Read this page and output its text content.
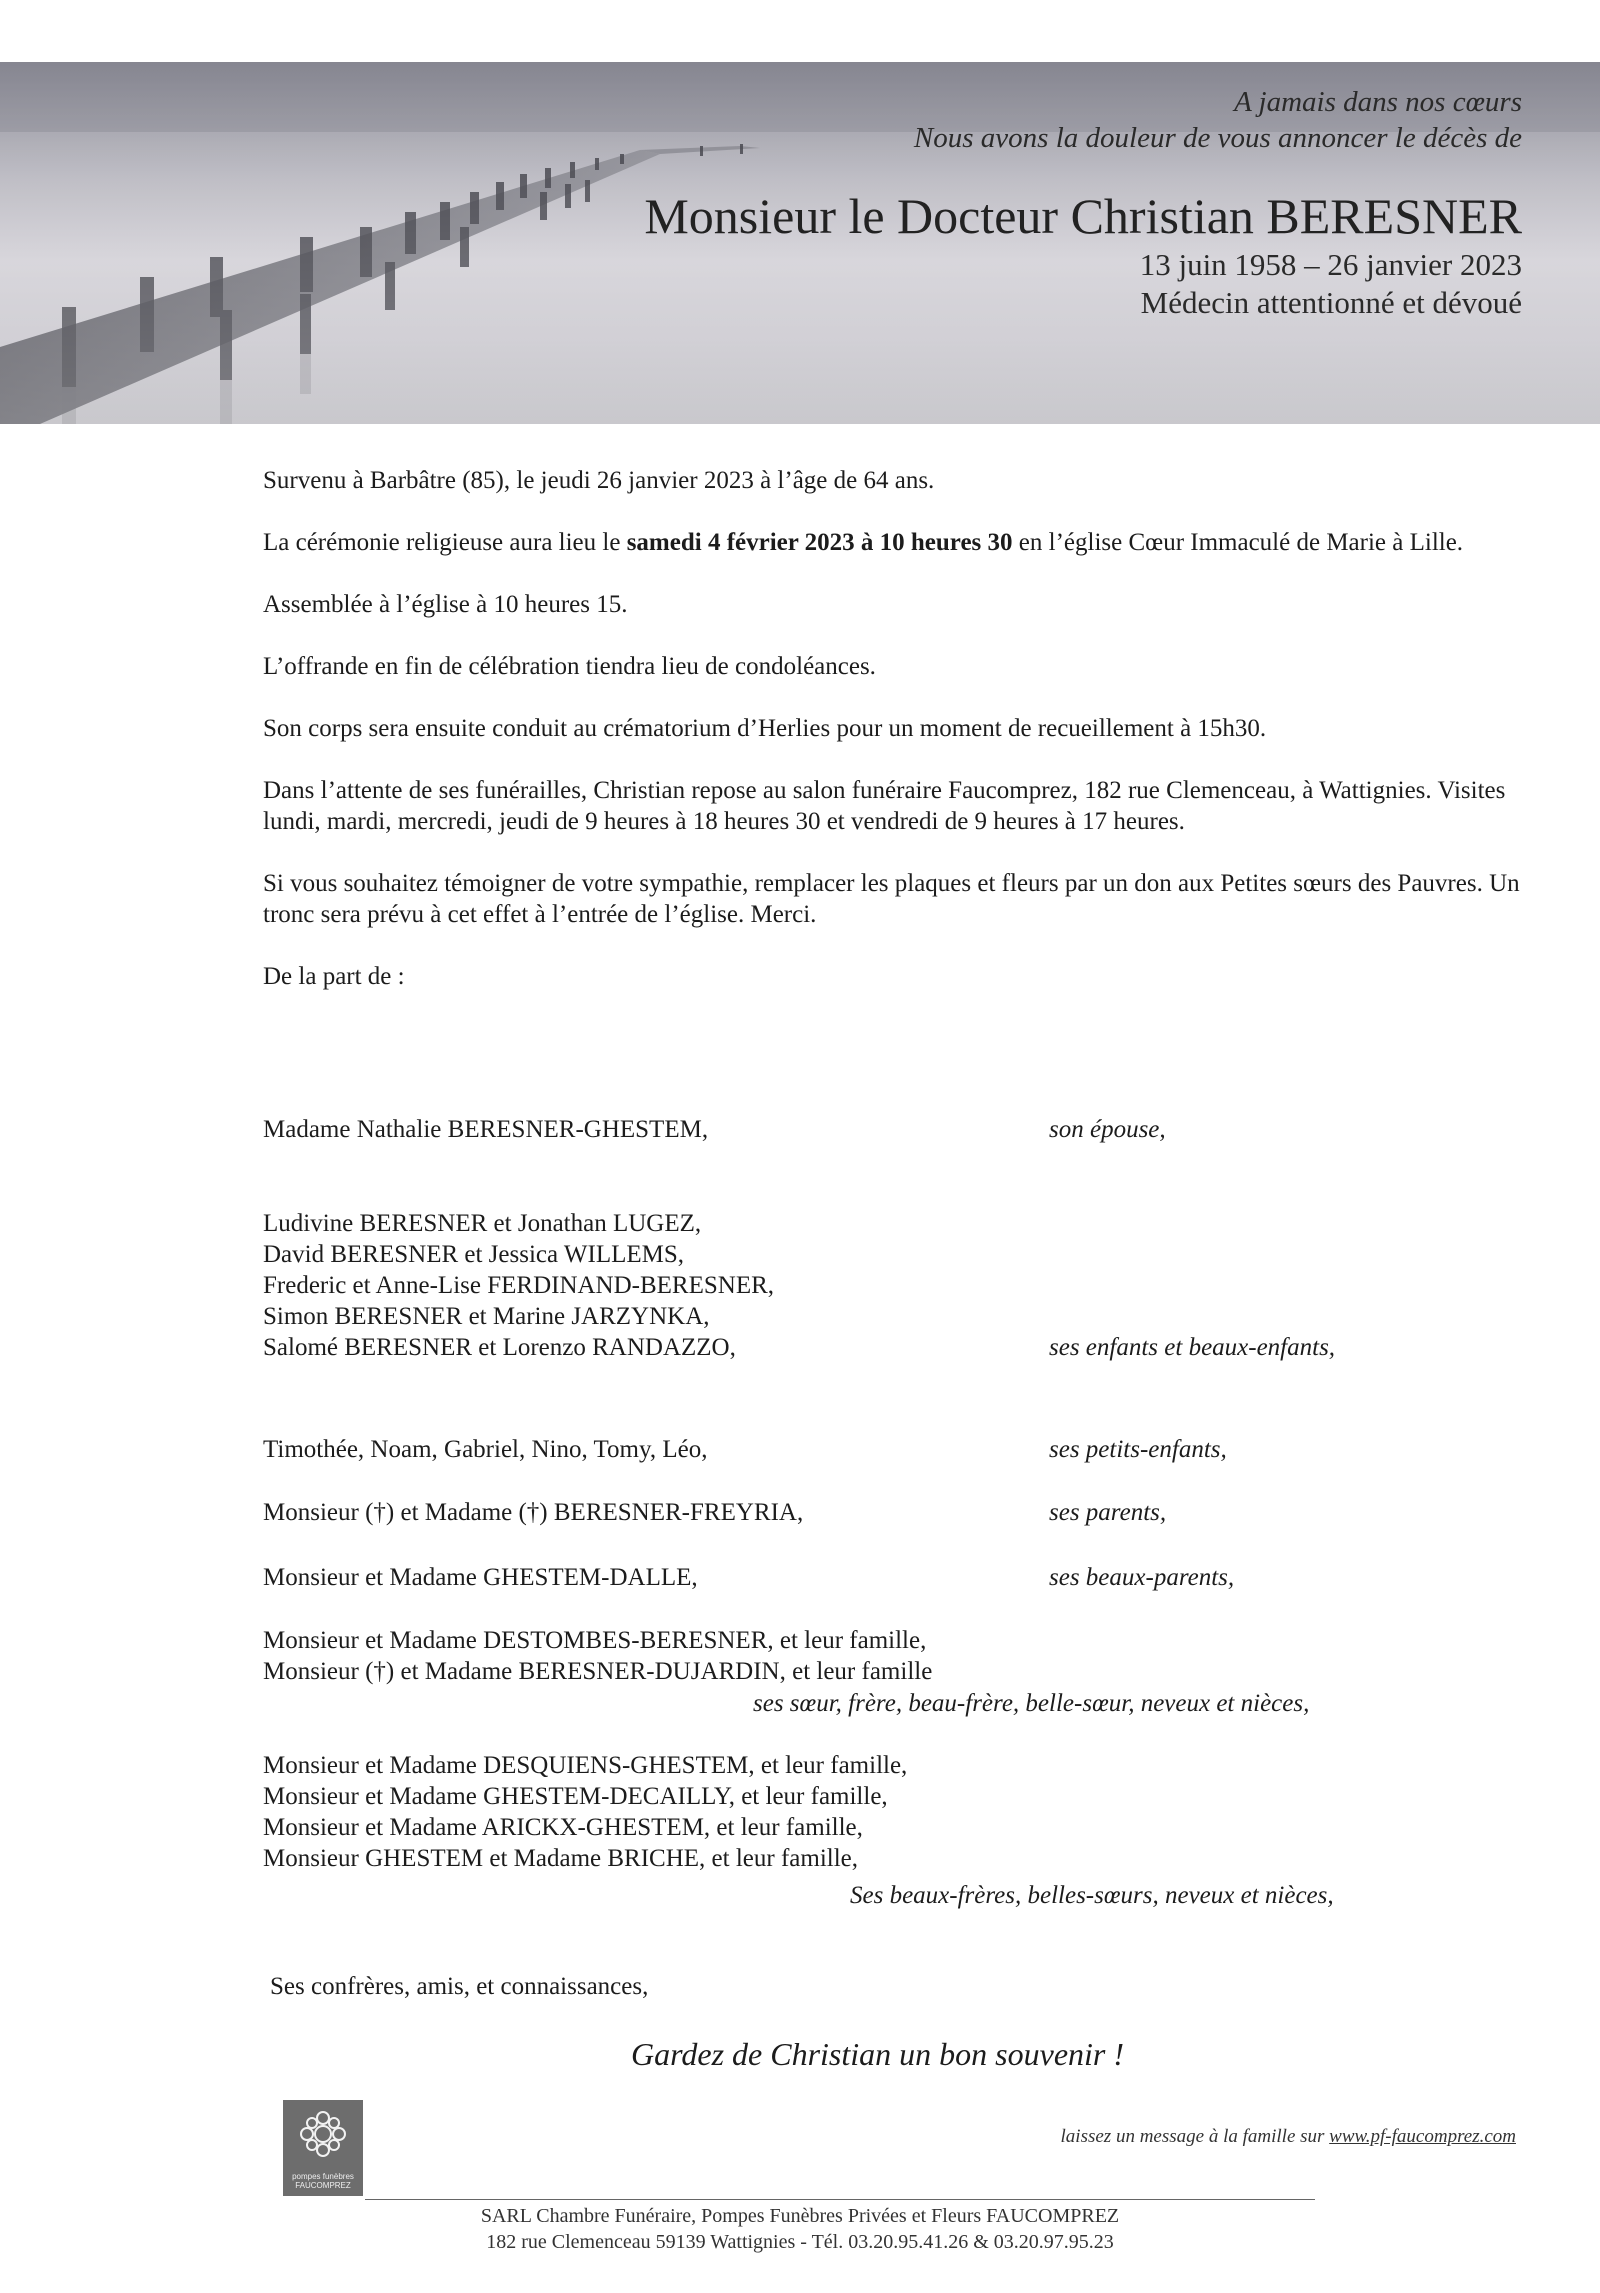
A jamais dans nos cœurs
Nous avons la douleur de vous annoncer le décès de
Monsieur le Docteur Christian BERESNER
13 juin 1958 – 26 janvier 2023
Médecin attentionné et dévoué

Survenu à Barbâtre (85), le jeudi 26 janvier 2023 à l’âge de 64 ans.

La cérémonie religieuse aura lieu le samedi 4 février 2023 à 10 heures 30 en l’église Cœur Immaculé de Marie à Lille.

Assemblée à l’église à 10 heures 15.

L’offrande en fin de célébration tiendra lieu de condoléances.

Son corps sera ensuite conduit au crématorium d’Herlies pour un moment de recueillement à 15h30.

Dans l’attente de ses funérailles, Christian repose au salon funéraire Faucomprez, 182 rue Clemenceau, à Wattignies. Visites lundi, mardi, mercredi, jeudi de 9 heures à 18 heures 30 et vendredi de 9 heures à 17 heures.

Si vous souhaitez témoigner de votre sympathie, remplacer les plaques et fleurs par un don aux Petites sœurs des Pauvres. Un tronc sera prévu à cet effet à l’entrée de l’église. Merci.

De la part de :

Madame Nathalie BERESNER-GHESTEM,	son épouse,
Ludivine BERESNER et Jonathan LUGEZ,
David BERESNER et Jessica WILLEMS,
Frederic et Anne-Lise FERDINAND-BERESNER,
Simon BERESNER et Marine JARZYNKA,
Salomé BERESNER et Lorenzo RANDAZZO,	ses enfants et beaux-enfants,
Timothée, Noam, Gabriel, Nino, Tomy, Léo,	ses petits-enfants,
Monsieur (†) et Madame (†) BERESNER-FREYRIA,	ses parents,
Monsieur et Madame GHESTEM-DALLE,	ses beaux-parents,
Monsieur et Madame DESTOMBES-BERESNER, et leur famille,
Monsieur (†) et Madame BERESNER-DUJARDIN, et leur famille
ses sœur, frère, beau-frère, belle-sœur, neveux et nièces,
Monsieur et Madame DESQUIENS-GHESTEM, et leur famille,
Monsieur et Madame GHESTEM-DECAILLY, et leur famille,
Monsieur et Madame ARICKX-GHESTEM, et leur famille,
Monsieur GHESTEM et Madame BRICHE, et leur famille,
Ses beaux-frères, belles-sœurs, neveux et nièces,
Ses confrères, amis, et connaissances,
Gardez de Christian un bon souvenir !
pompes funèbres
FAUCOMPREZ
laissez un message à la famille sur www.pf-faucomprez.com
SARL Chambre Funéraire, Pompes Funèbres Privées et Fleurs FAUCOMPREZ
182 rue Clemenceau 59139 Wattignies - Tél. 03.20.95.41.26 & 03.20.97.95.23
